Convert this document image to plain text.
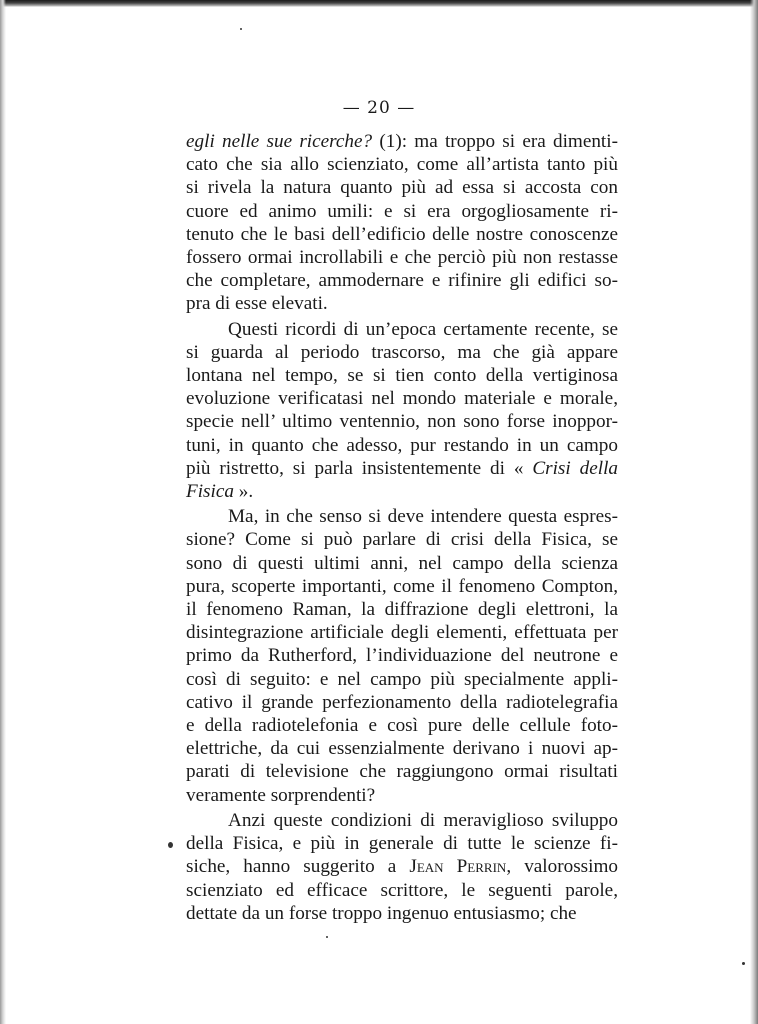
— 20 —
egli nelle sue ricerche? (1): ma troppo si era dimenti-
cato che sia allo scienziato, come all’artista tanto più
si rivela la natura quanto più ad essa si accosta con
cuore ed animo umili: e si era orgogliosamente ri-
tenuto che le basi dell’edificio delle nostre conoscenze
fossero ormai incrollabili e che perciò più non restasse
che completare, ammodernare e rifinire gli edifici so-
pra di esse elevati.
Questi ricordi di un’epoca certamente recente, se
si guarda al periodo trascorso, ma che già appare
lontana nel tempo, se si tien conto della vertiginosa
evoluzione verificatasi nel mondo materiale e morale,
specie nell’ ultimo ventennio, non sono forse inoppor-
tuni, in quanto che adesso, pur restando in un campo
più ristretto, si parla insistentemente di « Crisi della
Fisica ».
Ma, in che senso si deve intendere questa espres-
sione? Come si può parlare di crisi della Fisica, se
sono di questi ultimi anni, nel campo della scienza
pura, scoperte importanti, come il fenomeno Compton,
il fenomeno Raman, la diffrazione degli elettroni, la
disintegrazione artificiale degli elementi, effettuata per
primo da Rutherford, l’individuazione del neutrone e
così di seguito: e nel campo più specialmente appli-
cativo il grande perfezionamento della radiotelegrafia
e della radiotelefonia e così pure delle cellule foto-
elettriche, da cui essenzialmente derivano i nuovi ap-
parati di televisione che raggiungono ormai risultati
veramente sorprendenti?
Anzi queste condizioni di meraviglioso sviluppo
della Fisica, e più in generale di tutte le scienze fi-
siche, hanno suggerito a Jean Perrin, valorossimo
scienziato ed efficace scrittore, le seguenti parole,
dettate da un forse troppo ingenuo entusiasmo; che
